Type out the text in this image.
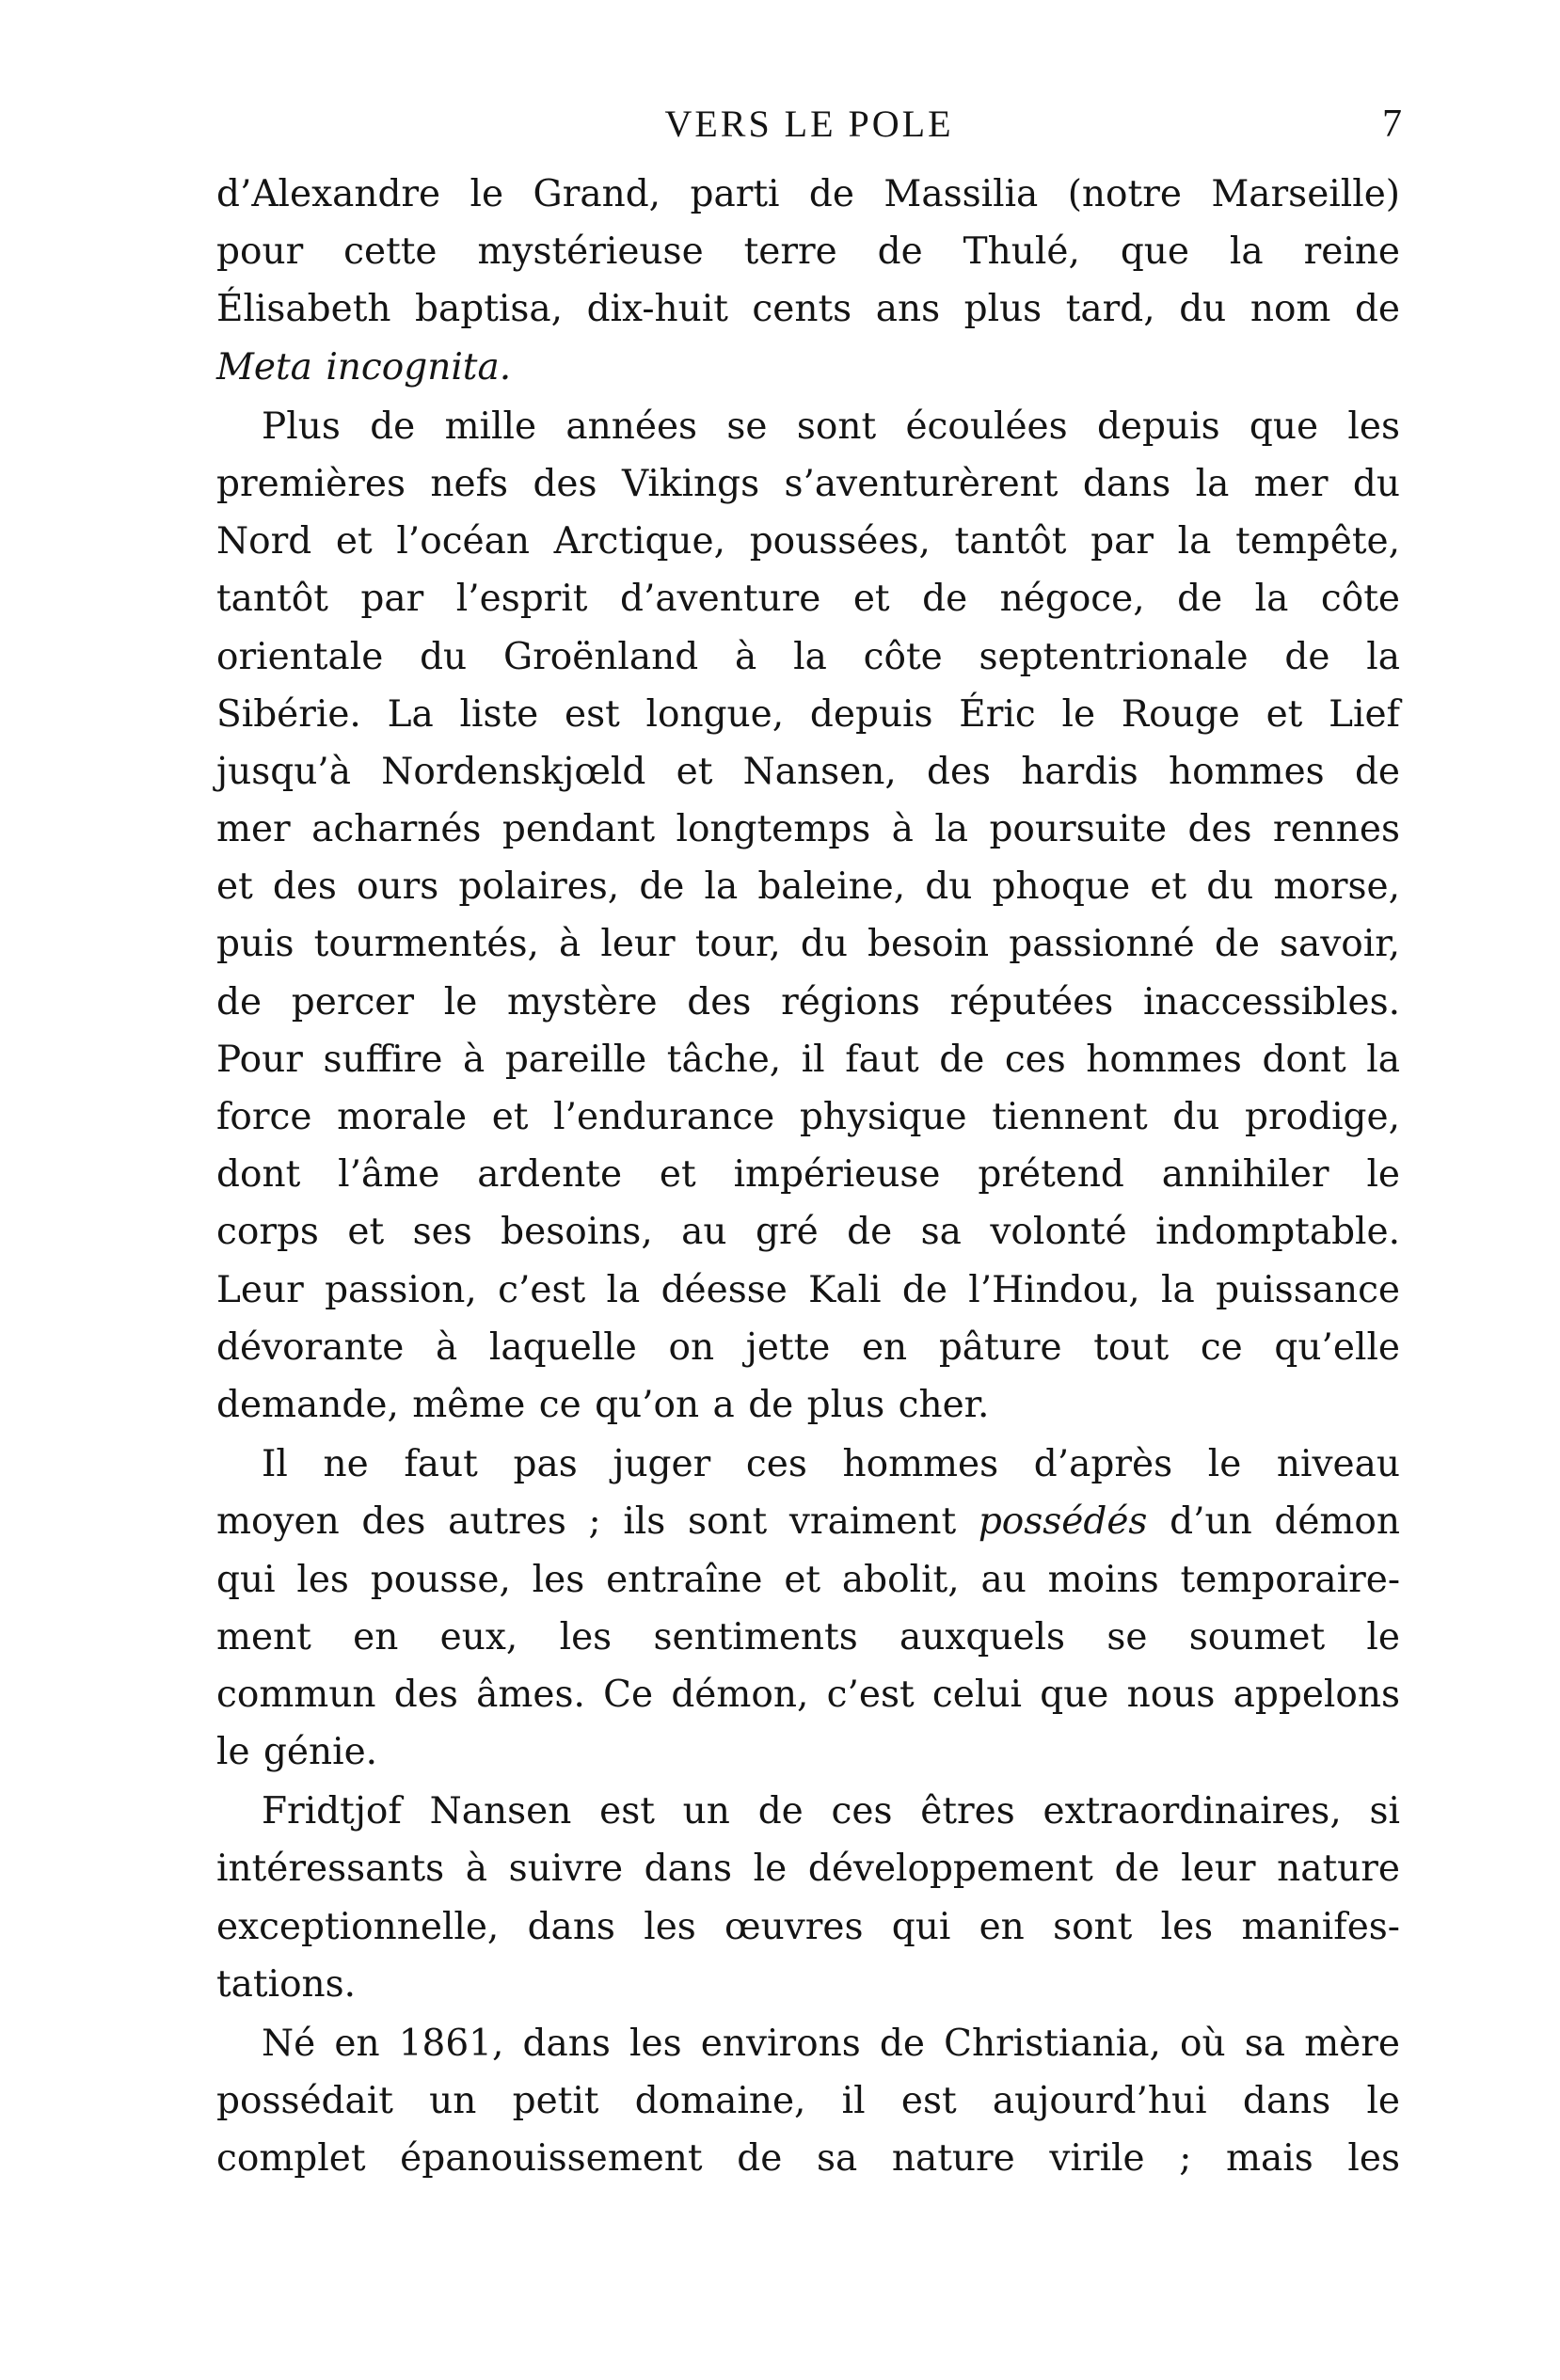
VERS LE POLE	7
d’Alexandre le Grand, parti de Massilia (notre Marseille)
pour cette mystérieuse terre de Thulé, que la reine
Élisabeth baptisa, dix-huit cents ans plus tard, du nom de
Meta incognita.
Plus de mille années se sont écoulées depuis que les
premières nefs des Vikings s’aventurèrent dans la mer du
Nord et l’océan Arctique, poussées, tantôt par la tempête,
tantôt par l’esprit d’aventure et de négoce, de la côte
orientale du Groënland à la côte septentrionale de la
Sibérie. La liste est longue, depuis Éric le Rouge et Lief
jusqu’à Nordenskjœld et Nansen, des hardis hommes de
mer acharnés pendant longtemps à la poursuite des rennes
et des ours polaires, de la baleine, du phoque et du morse,
puis tourmentés, à leur tour, du besoin passionné de savoir,
de percer le mystère des régions réputées inaccessibles.
Pour suffire à pareille tâche, il faut de ces hommes dont la
force morale et l’endurance physique tiennent du prodige,
dont l’âme ardente et impérieuse prétend annihiler le
corps et ses besoins, au gré de sa volonté indomptable.
Leur passion, c’est la déesse Kali de l’Hindou, la puissance
dévorante à laquelle on jette en pâture tout ce qu’elle
demande, même ce qu’on a de plus cher.
Il ne faut pas juger ces hommes d’après le niveau
moyen des autres ; ils sont vraiment possédés d’un démon
qui les pousse, les entraîne et abolit, au moins temporaire-
ment en eux, les sentiments auxquels se soumet le
commun des âmes. Ce démon, c’est celui que nous appelons
le génie.
Fridtjof Nansen est un de ces êtres extraordinaires, si
intéressants à suivre dans le développement de leur nature
exceptionnelle, dans les œuvres qui en sont les manifes-
tations.
Né en 1861, dans les environs de Christiania, où sa mère
possédait un petit domaine, il est aujourd’hui dans le
complet épanouissement de sa nature virile ; mais les
